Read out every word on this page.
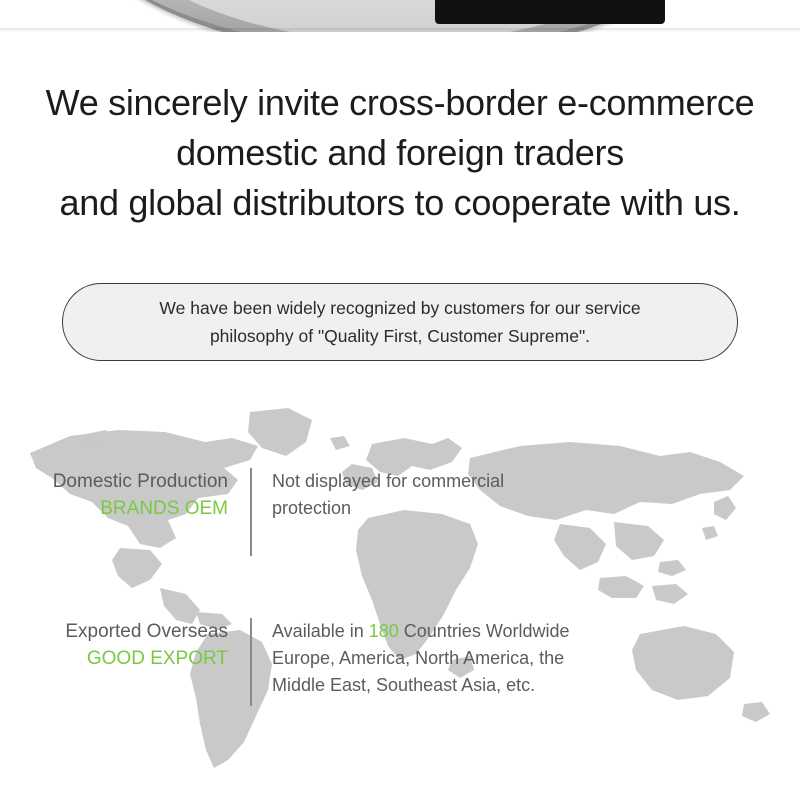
We sincerely invite cross-border e-commerce
domestic and foreign traders
and global distributors to cooperate with us.
We have been widely recognized by customers for our service
philosophy of "Quality First, Customer Supreme".
Domestic Production
BRANDS OEM
Not displayed for commercial
protection
Exported Overseas
GOOD EXPORT
Available in 180 Countries Worldwide
Europe, America, North America, the
Middle East, Southeast Asia, etc.
